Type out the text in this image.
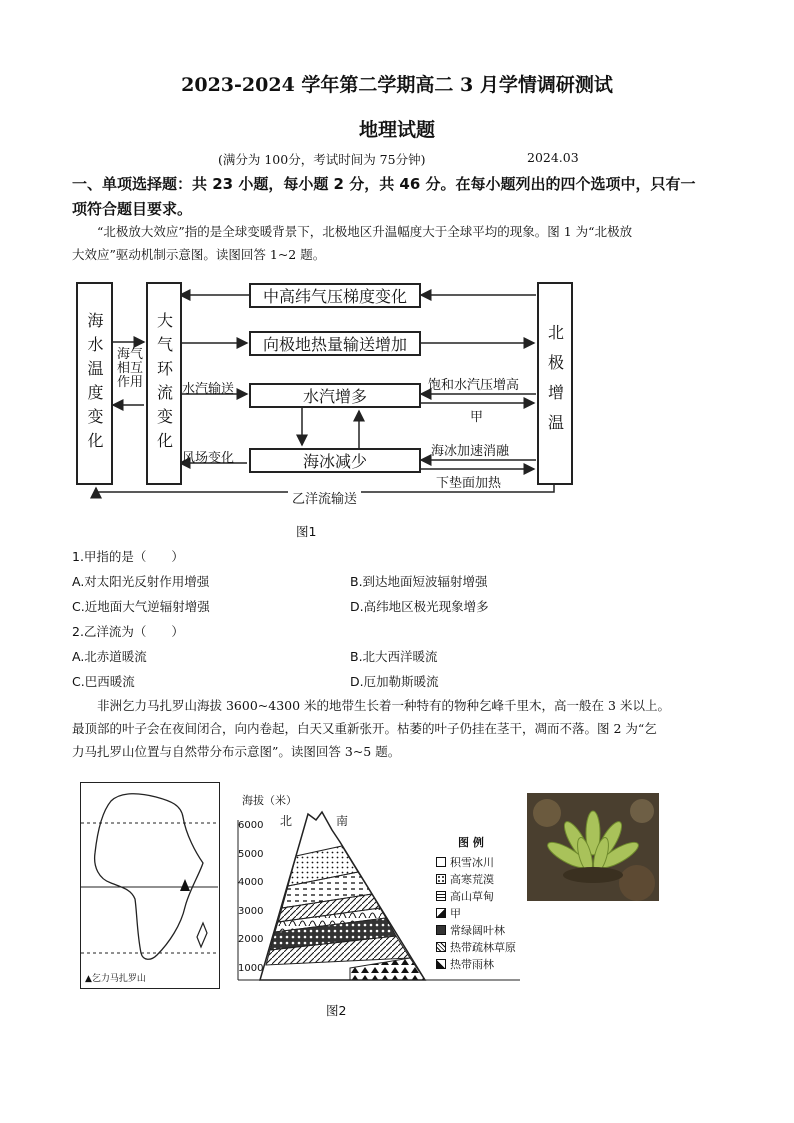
2023-2024 学年第二学期高二 3 月学情调研测试
地理试题
(满分为 100分，考试时间为 75分钟)	2024.03
一、单项选择题：共 23 小题，每小题 2 分，共 46 分。在每小题列出的四个选项中，只有一
项符合题目要求。
“北极放大效应”指的是全球变暖背景下，北极地区升温幅度大于全球平均的现象。图 1 为“北极放
大效应”驱动机制示意图。读图回答 1~2 题。
海水温度变化	大气环流变化	北极增温
中高纬气压梯度变化
向极地热量输送增加
水汽增多
海冰减少
海气相互作用	水汽输送
风场变化
饱和水汽压增高
甲
海冰加速消融
下垫面加热
乙洋流输送
图1
1.甲指的是（　　）
A.对太阳光反射作用增强	B.到达地面短波辐射增强
C.近地面大气逆辐射增强	D.高纬地区极光现象增多
2.乙洋流为（　　）
A.北赤道暖流	B.北大西洋暖流
C.巴西暖流	D.厄加勒斯暖流
非洲乞力马扎罗山海拔 3600~4300 米的地带生长着一种特有的物种乞峰千里木，高一般在 3 米以上。
最顶部的叶子会在夜间闭合，向内卷起，白天又重新张开。枯萎的叶子仍挂在茎干，凋而不落。图 2 为“乞
力马扎罗山位置与自然带分布示意图”。读图回答 3~5 题。
▲乞力马扎罗山
海拔（米）
6000
5000
4000
3000
2000
1000
北	南
图 例
积雪冰川
高寒荒漠
高山草甸
甲
常绿阔叶林
热带疏林草原
热带雨林
图2
